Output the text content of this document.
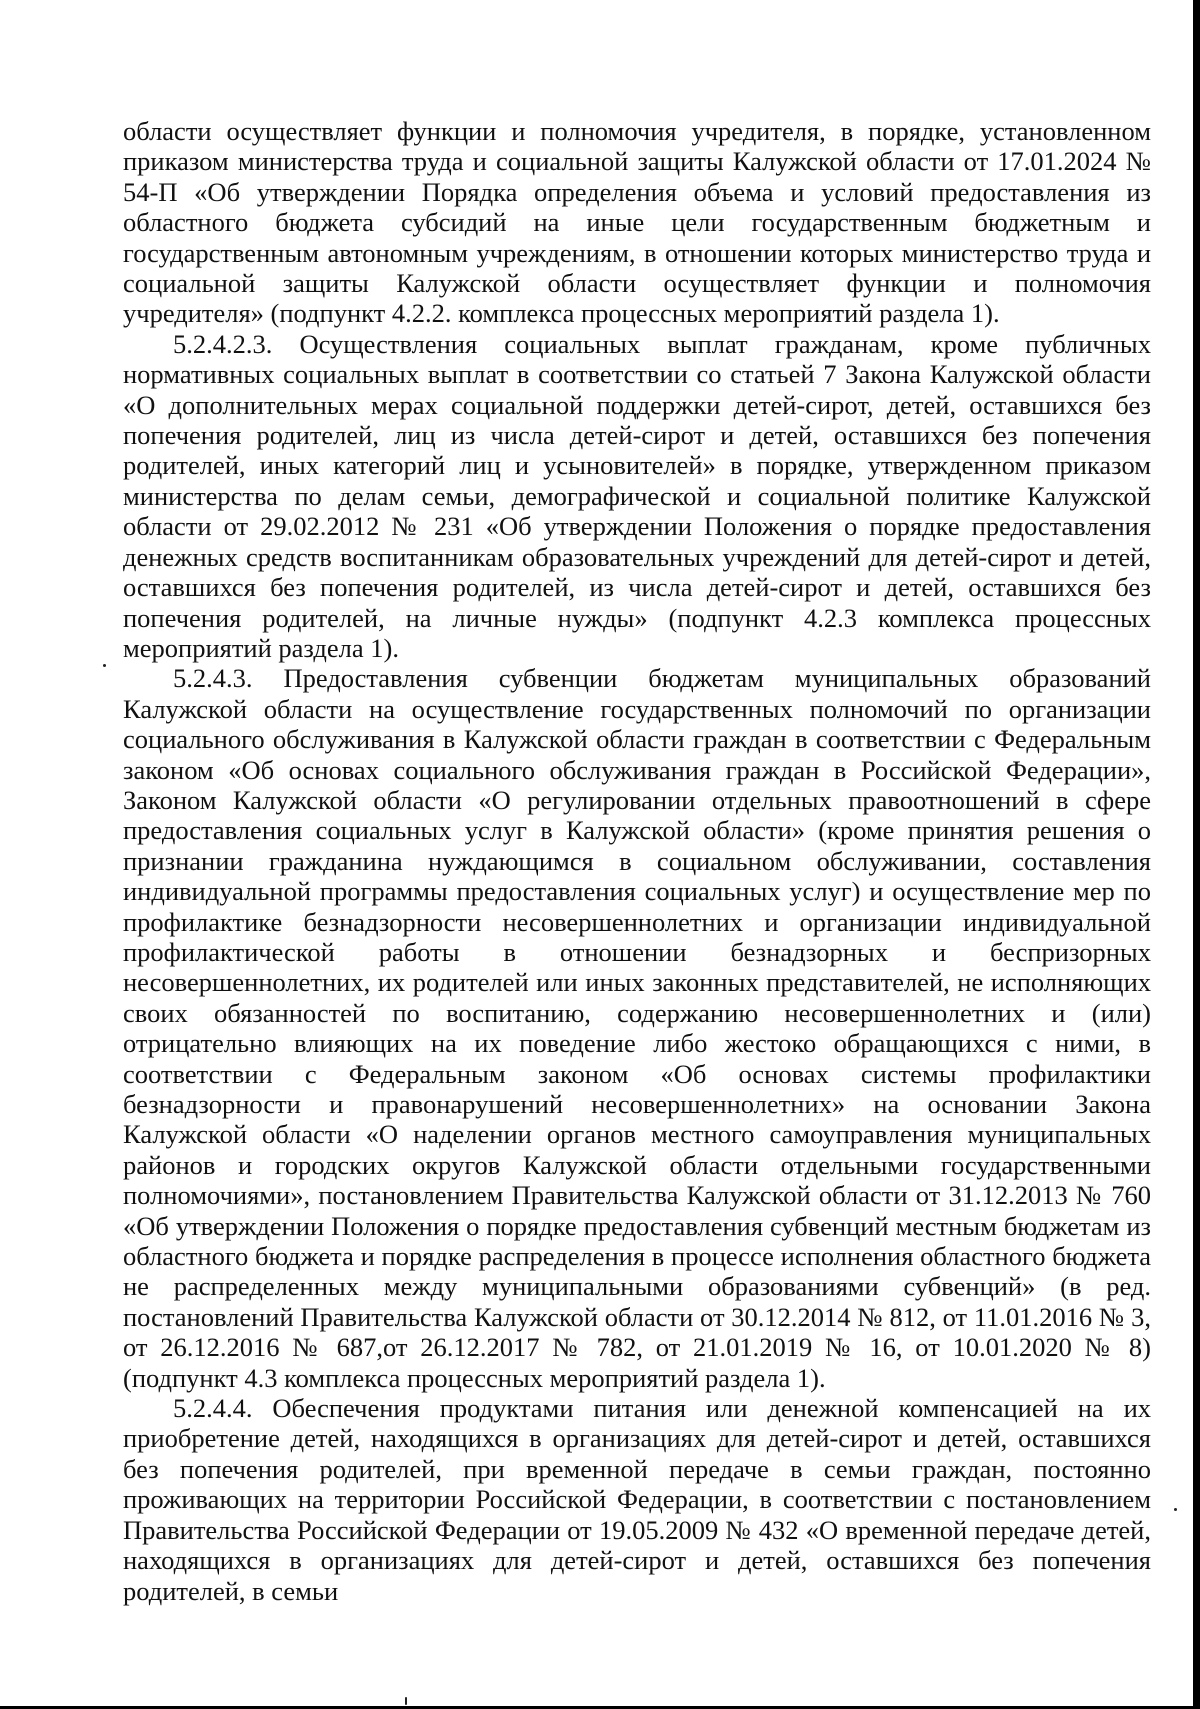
области осуществляет функции и полномочия учредителя, в порядке, установленном приказом министерства труда и социальной защиты Калужской области от 17.01.2024 № 54-П «Об утверждении Порядка определения объема и условий предоставления из областного бюджета субсидий на иные цели государственным бюджетным и государственным автономным учреждениям, в отношении которых министерство труда и социальной защиты Калужской области осуществляет функции и полномочия учредителя» (подпункт 4.2.2. комплекса процессных мероприятий раздела 1).

5.2.4.2.3. Осуществления социальных выплат гражданам, кроме публичных нормативных социальных выплат в соответствии со статьей 7 Закона Калужской области «О дополнительных мерах социальной поддержки детей-сирот, детей, оставшихся без попечения родителей, лиц из числа детей-сирот и детей, оставшихся без попечения родителей, иных категорий лиц и усыновителей» в порядке, утвержденном приказом министерства по делам семьи, демографической и социальной политике Калужской области от 29.02.2012 № 231 «Об утверждении Положения о порядке предоставления денежных средств воспитанникам образовательных учреждений для детей-сирот и детей, оставшихся без попечения родителей, из числа детей-сирот и детей, оставшихся без попечения родителей, на личные нужды» (подпункт 4.2.3 комплекса процессных мероприятий раздела 1).

5.2.4.3. Предоставления субвенции бюджетам муниципальных образований Калужской области на осуществление государственных полномочий по организации социального обслуживания в Калужской области граждан в соответствии с Федеральным законом «Об основах социального обслуживания граждан в Российской Федерации», Законом Калужской области «О регулировании отдельных правоотношений в сфере предоставления социальных услуг в Калужской области» (кроме принятия решения о признании гражданина нуждающимся в социальном обслуживании, составления индивидуальной программы предоставления социальных услуг) и осуществление мер по профилактике безнадзорности несовершеннолетних и организации индивидуальной профилактической работы в отношении безнадзорных и беспризорных несовершеннолетних, их родителей или иных законных представителей, не исполняющих своих обязанностей по воспитанию, содержанию несовершеннолетних и (или) отрицательно влияющих на их поведение либо жестоко обращающихся с ними, в соответствии с Федеральным законом «Об основах системы профилактики безнадзорности и правонарушений несовершеннолетних» на основании Закона Калужской области «О наделении органов местного самоуправления муниципальных районов и городских округов Калужской области отдельными государственными полномочиями», постановлением Правительства Калужской области от 31.12.2013 № 760 «Об утверждении Положения о порядке предоставления субвенций местным бюджетам из областного бюджета и порядке распределения в процессе исполнения областного бюджета не распределенных между муниципальными образованиями субвенций» (в ред. постановлений Правительства Калужской области от 30.12.2014 № 812, от 11.01.2016 № 3, от 26.12.2016 № 687,от 26.12.2017 № 782, от 21.01.2019 № 16, от 10.01.2020 № 8) (подпункт 4.3 комплекса процессных мероприятий раздела 1).

5.2.4.4. Обеспечения продуктами питания или денежной компенсацией на их приобретение детей, находящихся в организациях для детей-сирот и детей, оставшихся без попечения родителей, при временной передаче в семьи граждан, постоянно проживающих на территории Российской Федерации, в соответствии с постановлением Правительства Российской Федерации от 19.05.2009 № 432 «О временной передаче детей, находящихся в организациях для детей-сирот и детей, оставшихся без попечения родителей, в семьи
